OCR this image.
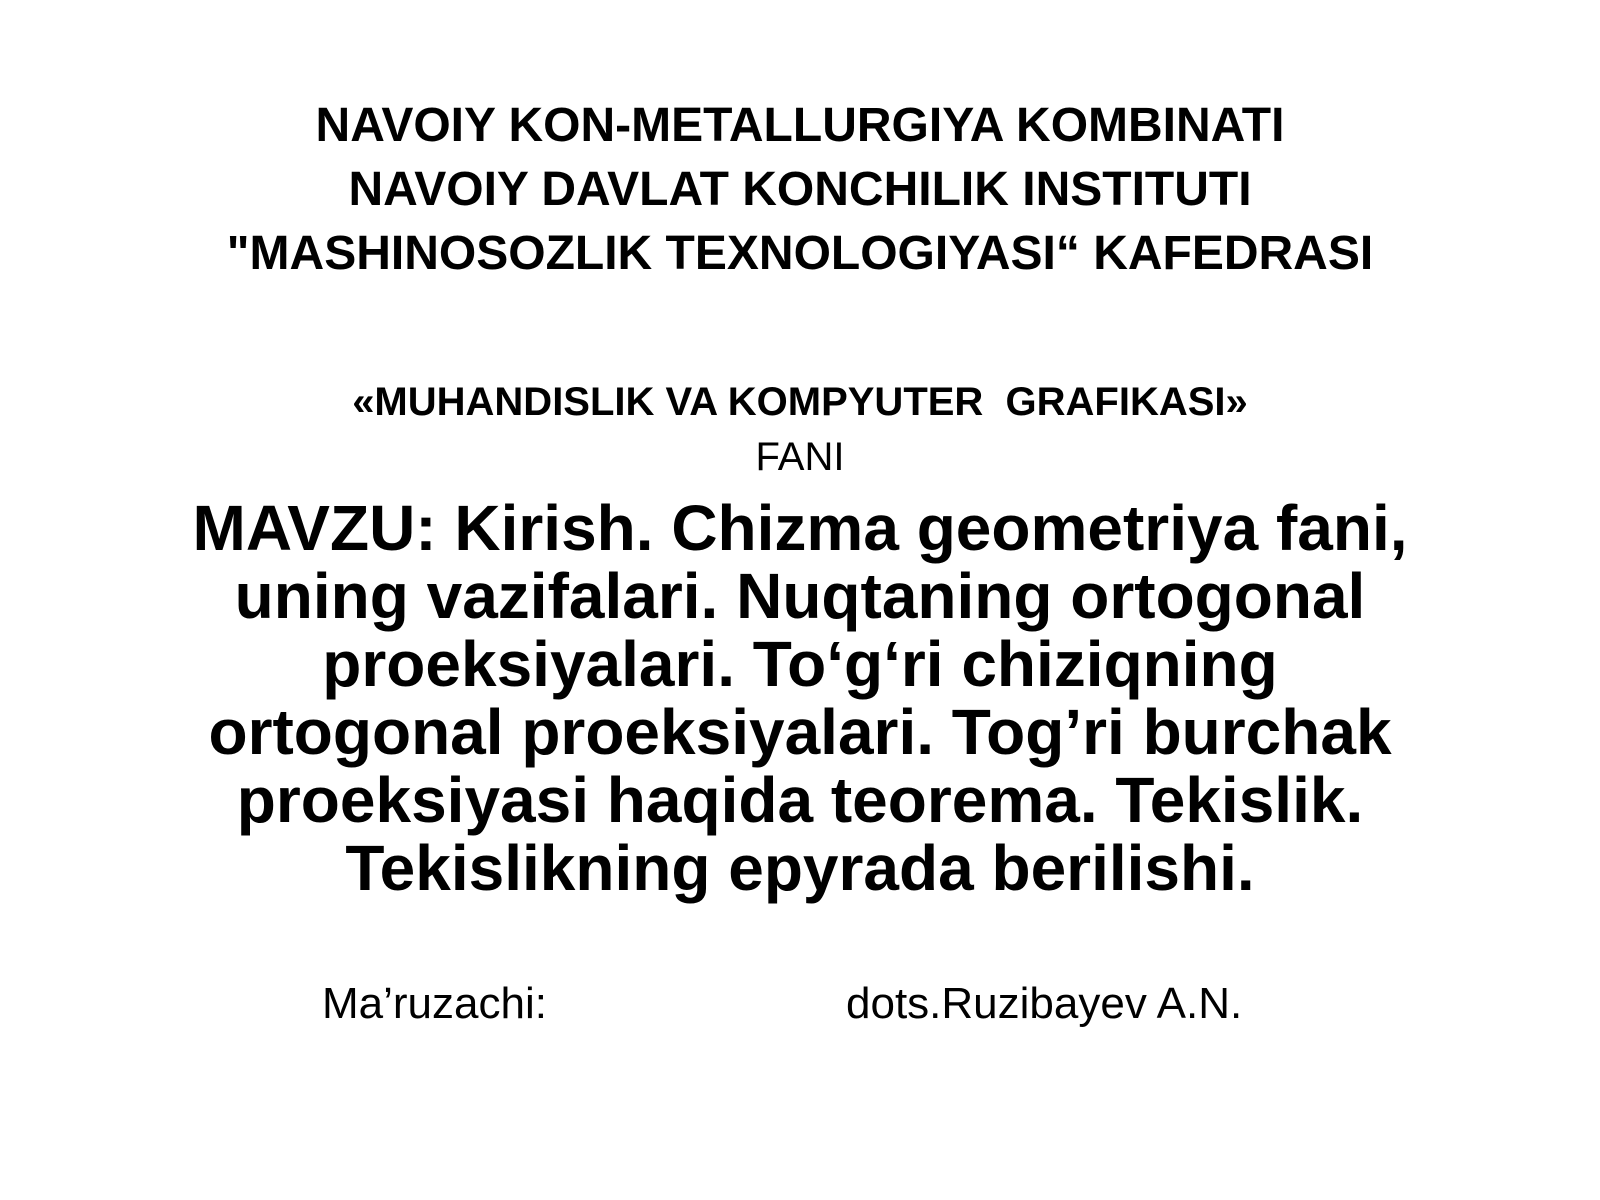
NAVOIY KON-METALLURGIYA KOMBINATI
NAVOIY DAVLAT KONCHILIK INSTITUTI
"MASHINOSOZLIK TEXNOLOGIYASI“ KAFEDRASI
«MUHANDISLIK VA KOMPYUTER  GRAFIKASI»
FANI
MAVZU: Kirish. Chizma geometriya fani,
uning vazifalari. Nuqtaning ortogonal
proeksiyalari. To‘g‘ri chiziqning
ortogonal proeksiyalari. Tog’ri burchak
proeksiyasi haqida teorema. Tekislik.
Tekislikning epyrada berilishi.
Ma’ruzachi:	dots.Ruzibayev A.N.
